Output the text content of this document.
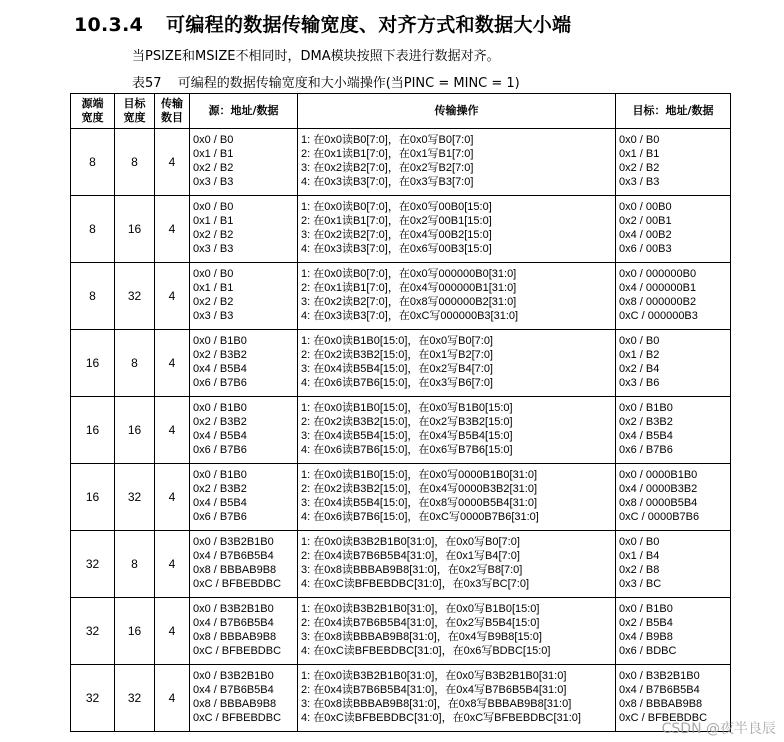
10.3.4 可编程的数据传输宽度、对齐方式和数据大小端
当PSIZE和MSIZE不相同时，DMA模块按照下表进行数据对齐。
表57 可编程的数据传输宽度和大小端操作(当PINC = MINC = 1)
源端
宽度	目标
宽度	传输
数目	源：地址/数据	传输操作	目标：地址/数据
8	8	4	0x0 / B0
0x1 / B1
0x2 / B2
0x3 / B3	1: 在0x0读B0[7:0]，在0x0写B0[7:0]
2: 在0x1读B1[7:0]，在0x1写B1[7:0]
3: 在0x2读B2[7:0]，在0x2写B2[7:0]
4: 在0x3读B3[7:0]，在0x3写B3[7:0]	0x0 / B0
0x1 / B1
0x2 / B2
0x3 / B3

8	16	4	0x0 / B0
0x1 / B1
0x2 / B2
0x3 / B3	1: 在0x0读B0[7:0]，在0x0写00B0[15:0]
2: 在0x1读B1[7:0]，在0x2写00B1[15:0]
3: 在0x2读B2[7:0]，在0x4写00B2[15:0]
4: 在0x3读B3[7:0]，在0x6写00B3[15:0]	0x0 / 00B0
0x2 / 00B1
0x4 / 00B2
0x6 / 00B3

8	32	4	0x0 / B0
0x1 / B1
0x2 / B2
0x3 / B3	1: 在0x0读B0[7:0]，在0x0写000000B0[31:0]
2: 在0x1读B1[7:0]，在0x4写000000B1[31:0]
3: 在0x2读B2[7:0]，在0x8写000000B2[31:0]
4: 在0x3读B3[7:0]，在0xC写000000B3[31:0]	0x0 / 000000B0
0x4 / 000000B1
0x8 / 000000B2
0xC / 000000B3

16	8	4	0x0 / B1B0
0x2 / B3B2
0x4 / B5B4
0x6 / B7B6	1: 在0x0读B1B0[15:0]，在0x0写B0[7:0]
2: 在0x2读B3B2[15:0]，在0x1写B2[7:0]
3: 在0x4读B5B4[15:0]，在0x2写B4[7:0]
4: 在0x6读B7B6[15:0]，在0x3写B6[7:0]	0x0 / B0
0x1 / B2
0x2 / B4
0x3 / B6

16	16	4	0x0 / B1B0
0x2 / B3B2
0x4 / B5B4
0x6 / B7B6	1: 在0x0读B1B0[15:0]，在0x0写B1B0[15:0]
2: 在0x2读B3B2[15:0]，在0x2写B3B2[15:0]
3: 在0x4读B5B4[15:0]，在0x4写B5B4[15:0]
4: 在0x6读B7B6[15:0]，在0x6写B7B6[15:0]	0x0 / B1B0
0x2 / B3B2
0x4 / B5B4
0x6 / B7B6

16	32	4	0x0 / B1B0
0x2 / B3B2
0x4 / B5B4
0x6 / B7B6	1: 在0x0读B1B0[15:0]，在0x0写0000B1B0[31:0]
2: 在0x2读B3B2[15:0]，在0x4写0000B3B2[31:0]
3: 在0x4读B5B4[15:0]，在0x8写0000B5B4[31:0]
4: 在0x6读B7B6[15:0]，在0xC写0000B7B6[31:0]	0x0 / 0000B1B0
0x4 / 0000B3B2
0x8 / 0000B5B4
0xC / 0000B7B6

32	8	4	0x0 / B3B2B1B0
0x4 / B7B6B5B4
0x8 / BBBAB9B8
0xC / BFBEBDBC	1: 在0x0读B3B2B1B0[31:0]，在0x0写B0[7:0]
2: 在0x4读B7B6B5B4[31:0]，在0x1写B4[7:0]
3: 在0x8读BBBAB9B8[31:0]，在0x2写B8[7:0]
4: 在0xC读BFBEBDBC[31:0]，在0x3写BC[7:0]	0x0 / B0
0x1 / B4
0x2 / B8
0x3 / BC

32	16	4	0x0 / B3B2B1B0
0x4 / B7B6B5B4
0x8 / BBBAB9B8
0xC / BFBEBDBC	1: 在0x0读B3B2B1B0[31:0]，在0x0写B1B0[15:0]
2: 在0x4读B7B6B5B4[31:0]，在0x2写B5B4[15:0]
3: 在0x8读BBBAB9B8[31:0]，在0x4写B9B8[15:0]
4: 在0xC读BFBEBDBC[31:0]，在0x6写BDBC[15:0]	0x0 / B1B0
0x2 / B5B4
0x4 / B9B8
0x6 / BDBC

32	32	4	0x0 / B3B2B1B0
0x4 / B7B6B5B4
0x8 / BBBAB9B8
0xC / BFBEBDBC	1: 在0x0读B3B2B1B0[31:0]，在0x0写B3B2B1B0[31:0]
2: 在0x4读B7B6B5B4[31:0]，在0x4写B7B6B5B4[31:0]
3: 在0x8读BBBAB9B8[31:0]，在0x8写BBBAB9B8[31:0]
4: 在0xC读BFBEBDBC[31:0]，在0xC写BFBEBDBC[31:0]	0x0 / B3B2B1B0
0x4 / B7B6B5B4
0x8 / BBBAB9B8
0xC / BFBEBDBC
CSDN @夜半良辰
